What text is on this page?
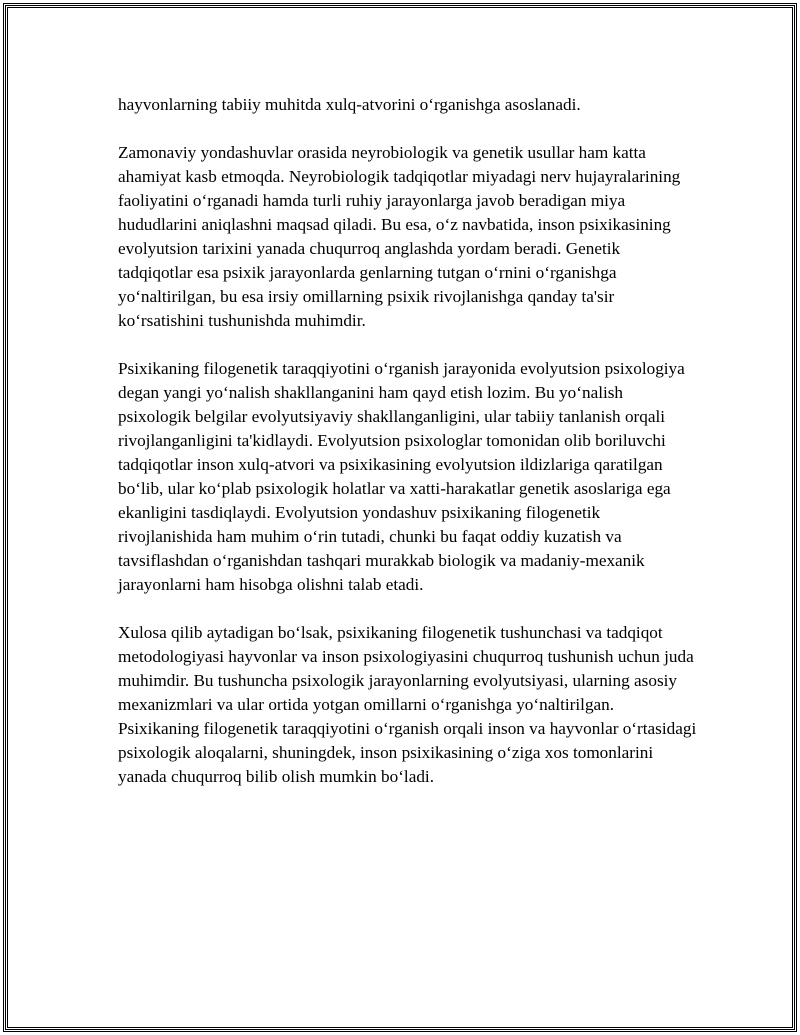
hayvonlarning tabiiy muhitda xulq-atvorini o‘rganishga asoslanadi.

Zamonaviy yondashuvlar orasida neyrobiologik va genetik usullar ham katta ahamiyat kasb etmoqda. Neyrobiologik tadqiqotlar miyadagi nerv hujayralarining faoliyatini o‘rganadi hamda turli ruhiy jarayonlarga javob beradigan miya hududlarini aniqlashni maqsad qiladi. Bu esa, o‘z navbatida, inson psixikasining evolyutsion tarixini yanada chuqurroq anglashda yordam beradi. Genetik tadqiqotlar esa psixik jarayonlarda genlarning tutgan o‘rnini o‘rganishga yo‘naltirilgan, bu esa irsiy omillarning psixik rivojlanishga qanday ta'sir ko‘rsatishini tushunishda muhimdir.

Psixikaning filogenetik taraqqiyotini o‘rganish jarayonida evolyutsion psixologiya degan yangi yo‘nalish shakllanganini ham qayd etish lozim. Bu yo‘nalish psixologik belgilar evolyutsiyaviy shakllanganligini, ular tabiiy tanlanish orqali rivojlanganligini ta'kidlaydi. Evolyutsion psixologlar tomonidan olib boriluvchi tadqiqotlar inson xulq-atvori va psixikasining evolyutsion ildizlariga qaratilgan bo‘lib, ular ko‘plab psixologik holatlar va xatti-harakatlar genetik asoslariga ega ekanligini tasdiqlaydi. Evolyutsion yondashuv psixikaning filogenetik rivojlanishida ham muhim o‘rin tutadi, chunki bu faqat oddiy kuzatish va tavsiflashdan o‘rganishdan tashqari murakkab biologik va madaniy-mexanik jarayonlarni ham hisobga olishni talab etadi.

Xulosa qilib aytadigan bo‘lsak, psixikaning filogenetik tushunchasi va tadqiqot metodologiyasi hayvonlar va inson psixologiyasini chuqurroq tushunish uchun juda muhimdir. Bu tushuncha psixologik jarayonlarning evolyutsiyasi, ularning asosiy mexanizmlari va ular ortida yotgan omillarni o‘rganishga yo‘naltirilgan. Psixikaning filogenetik taraqqiyotini o‘rganish orqali inson va hayvonlar o‘rtasidagi psixologik aloqalarni, shuningdek, inson psixikasining o‘ziga xos tomonlarini yanada chuqurroq bilib olish mumkin bo‘ladi.
